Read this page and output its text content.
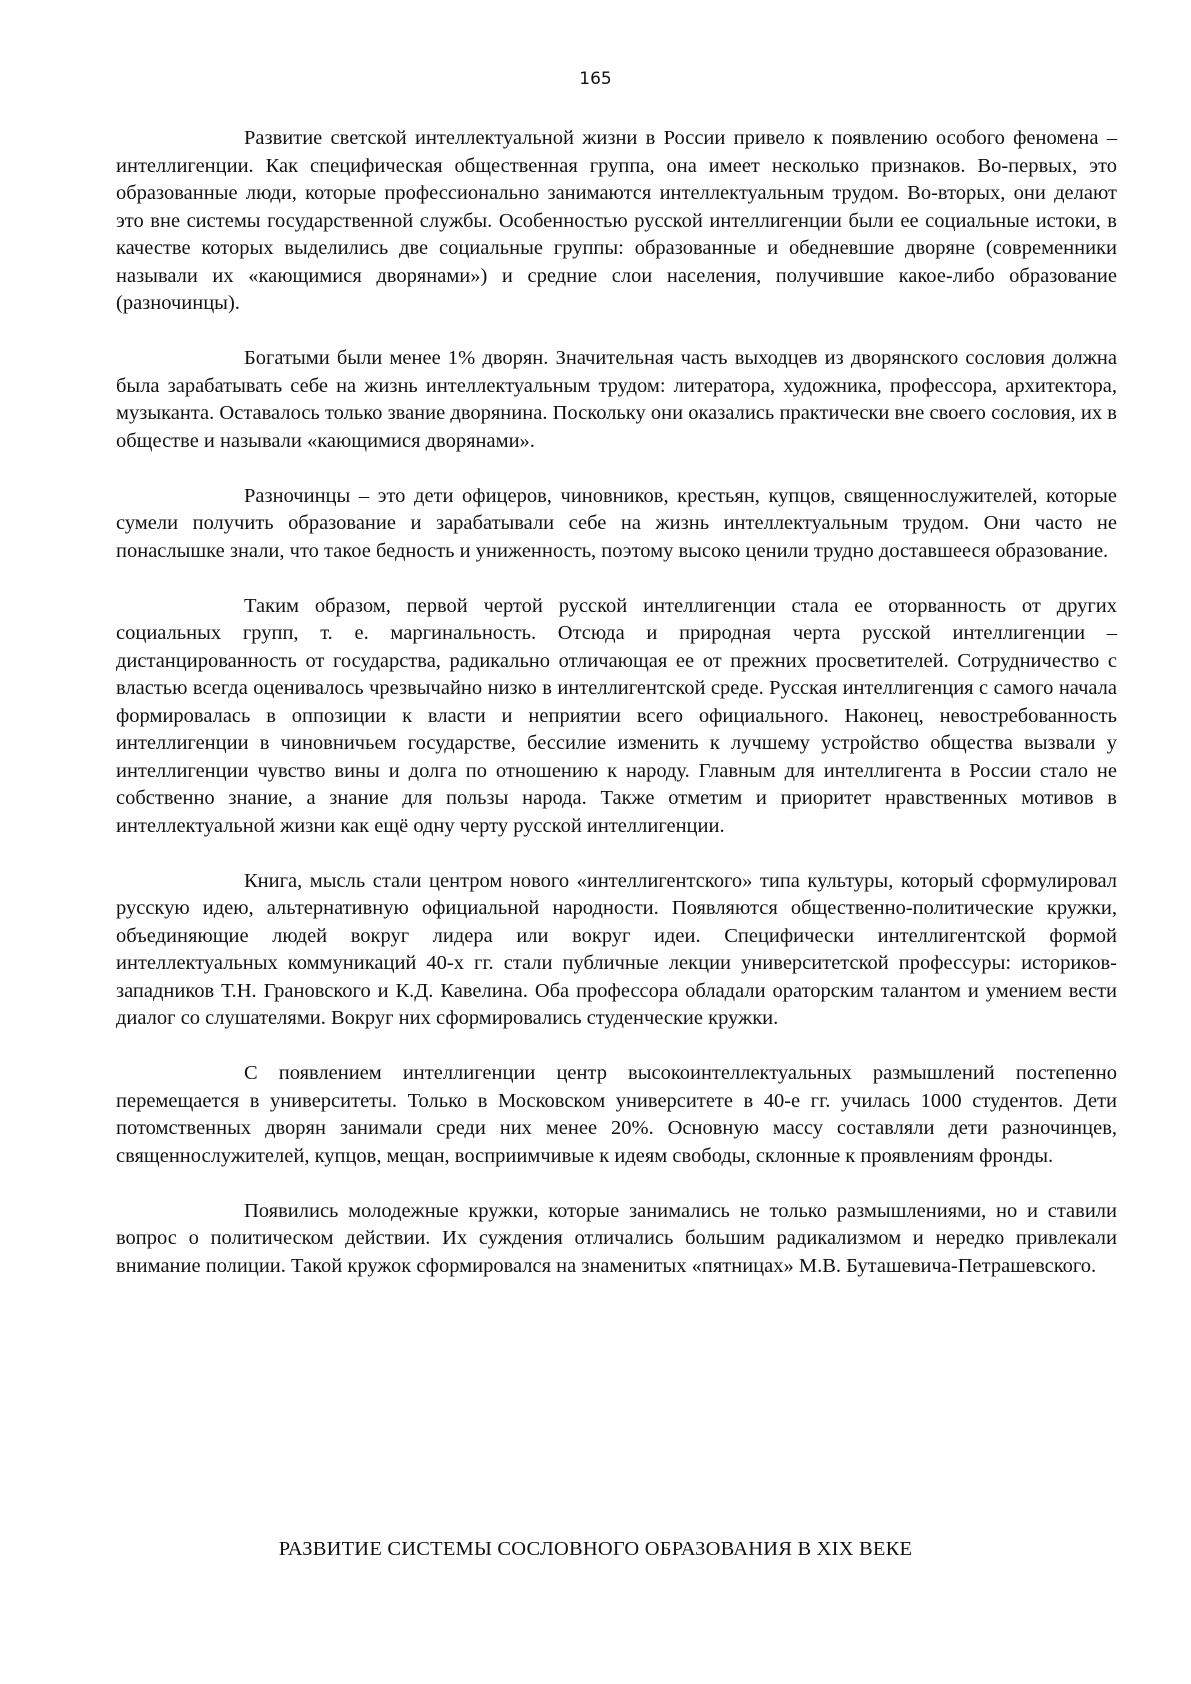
165

Развитие светской интеллектуальной жизни в России привело к появлению особого феномена – интеллигенции. Как специфическая общественная группа, она имеет несколько признаков. Во-первых, это образованные люди, которые профессионально занимаются интеллектуальным трудом. Во-вторых, они делают это вне системы государственной службы. Особенностью русской интеллигенции были ее социальные истоки, в качестве которых выделились две социальные группы: образованные и обедневшие дворяне (современники называли их «кающимися дворянами») и средние слои населения, получившие какое-либо образование (разночинцы).

Богатыми были менее 1% дворян. Значительная часть выходцев из дворянского сословия должна была зарабатывать себе на жизнь интеллектуальным трудом: литератора, художника, профессора, архитектора, музыканта. Оставалось только звание дворянина. Поскольку они оказались практически вне своего сословия, их в обществе и называли «кающимися дворянами».

Разночинцы – это дети офицеров, чиновников, крестьян, купцов, священнослужителей, которые сумели получить образование и зарабатывали себе на жизнь интеллектуальным трудом. Они часто не понаслышке знали, что такое бедность и униженность, поэтому высоко ценили трудно доставшееся образование.

Таким образом, первой чертой русской интеллигенции стала ее оторванность от других социальных групп, т. е. маргинальность. Отсюда и природная черта русской интеллигенции – дистанцированность от государства, радикально отличающая ее от прежних просветителей. Сотрудничество с властью всегда оценивалось чрезвычайно низко в интеллигентской среде. Русская интеллигенция с самого начала формировалась в оппозиции к власти и неприятии всего официального. Наконец, невостребованность интеллигенции в чиновничьем государстве, бессилие изменить к лучшему устройство общества вызвали у интеллигенции чувство вины и долга по отношению к народу. Главным для интеллигента в России стало не собственно знание, а знание для пользы народа. Также отметим и приоритет нравственных мотивов в интеллектуальной жизни как ещё одну черту русской интеллигенции.

Книга, мысль стали центром нового «интеллигентского» типа культуры, который сформулировал русскую идею, альтернативную официальной народности. Появляются общественно-политические кружки, объединяющие людей вокруг лидера или вокруг идеи. Специфически интеллигентской формой интеллектуальных коммуникаций 40-х гг. стали публичные лекции университетской профессуры: историков-западников Т.Н. Грановского и К.Д. Кавелина. Оба профессора обладали ораторским талантом и умением вести диалог со слушателями. Вокруг них сформировались студенческие кружки.

С появлением интеллигенции центр высокоинтеллектуальных размышлений постепенно перемещается в университеты. Только в Московском университете в 40-е гг. училась 1000 студентов. Дети потомственных дворян занимали среди них менее 20%. Основную массу составляли дети разночинцев, священнослужителей, купцов, мещан, восприимчивые к идеям свободы, склонные к проявлениям фронды.

Появились молодежные кружки, которые занимались не только размышлениями, но и ставили вопрос о политическом действии. Их суждения отличались большим радикализмом и нередко привлекали внимание полиции. Такой кружок сформировался на знаменитых «пятницах» М.В. Буташевича-Петрашевского.

РАЗВИТИЕ СИСТЕМЫ СОСЛОВНОГО ОБРАЗОВАНИЯ В XIX ВЕКЕ
